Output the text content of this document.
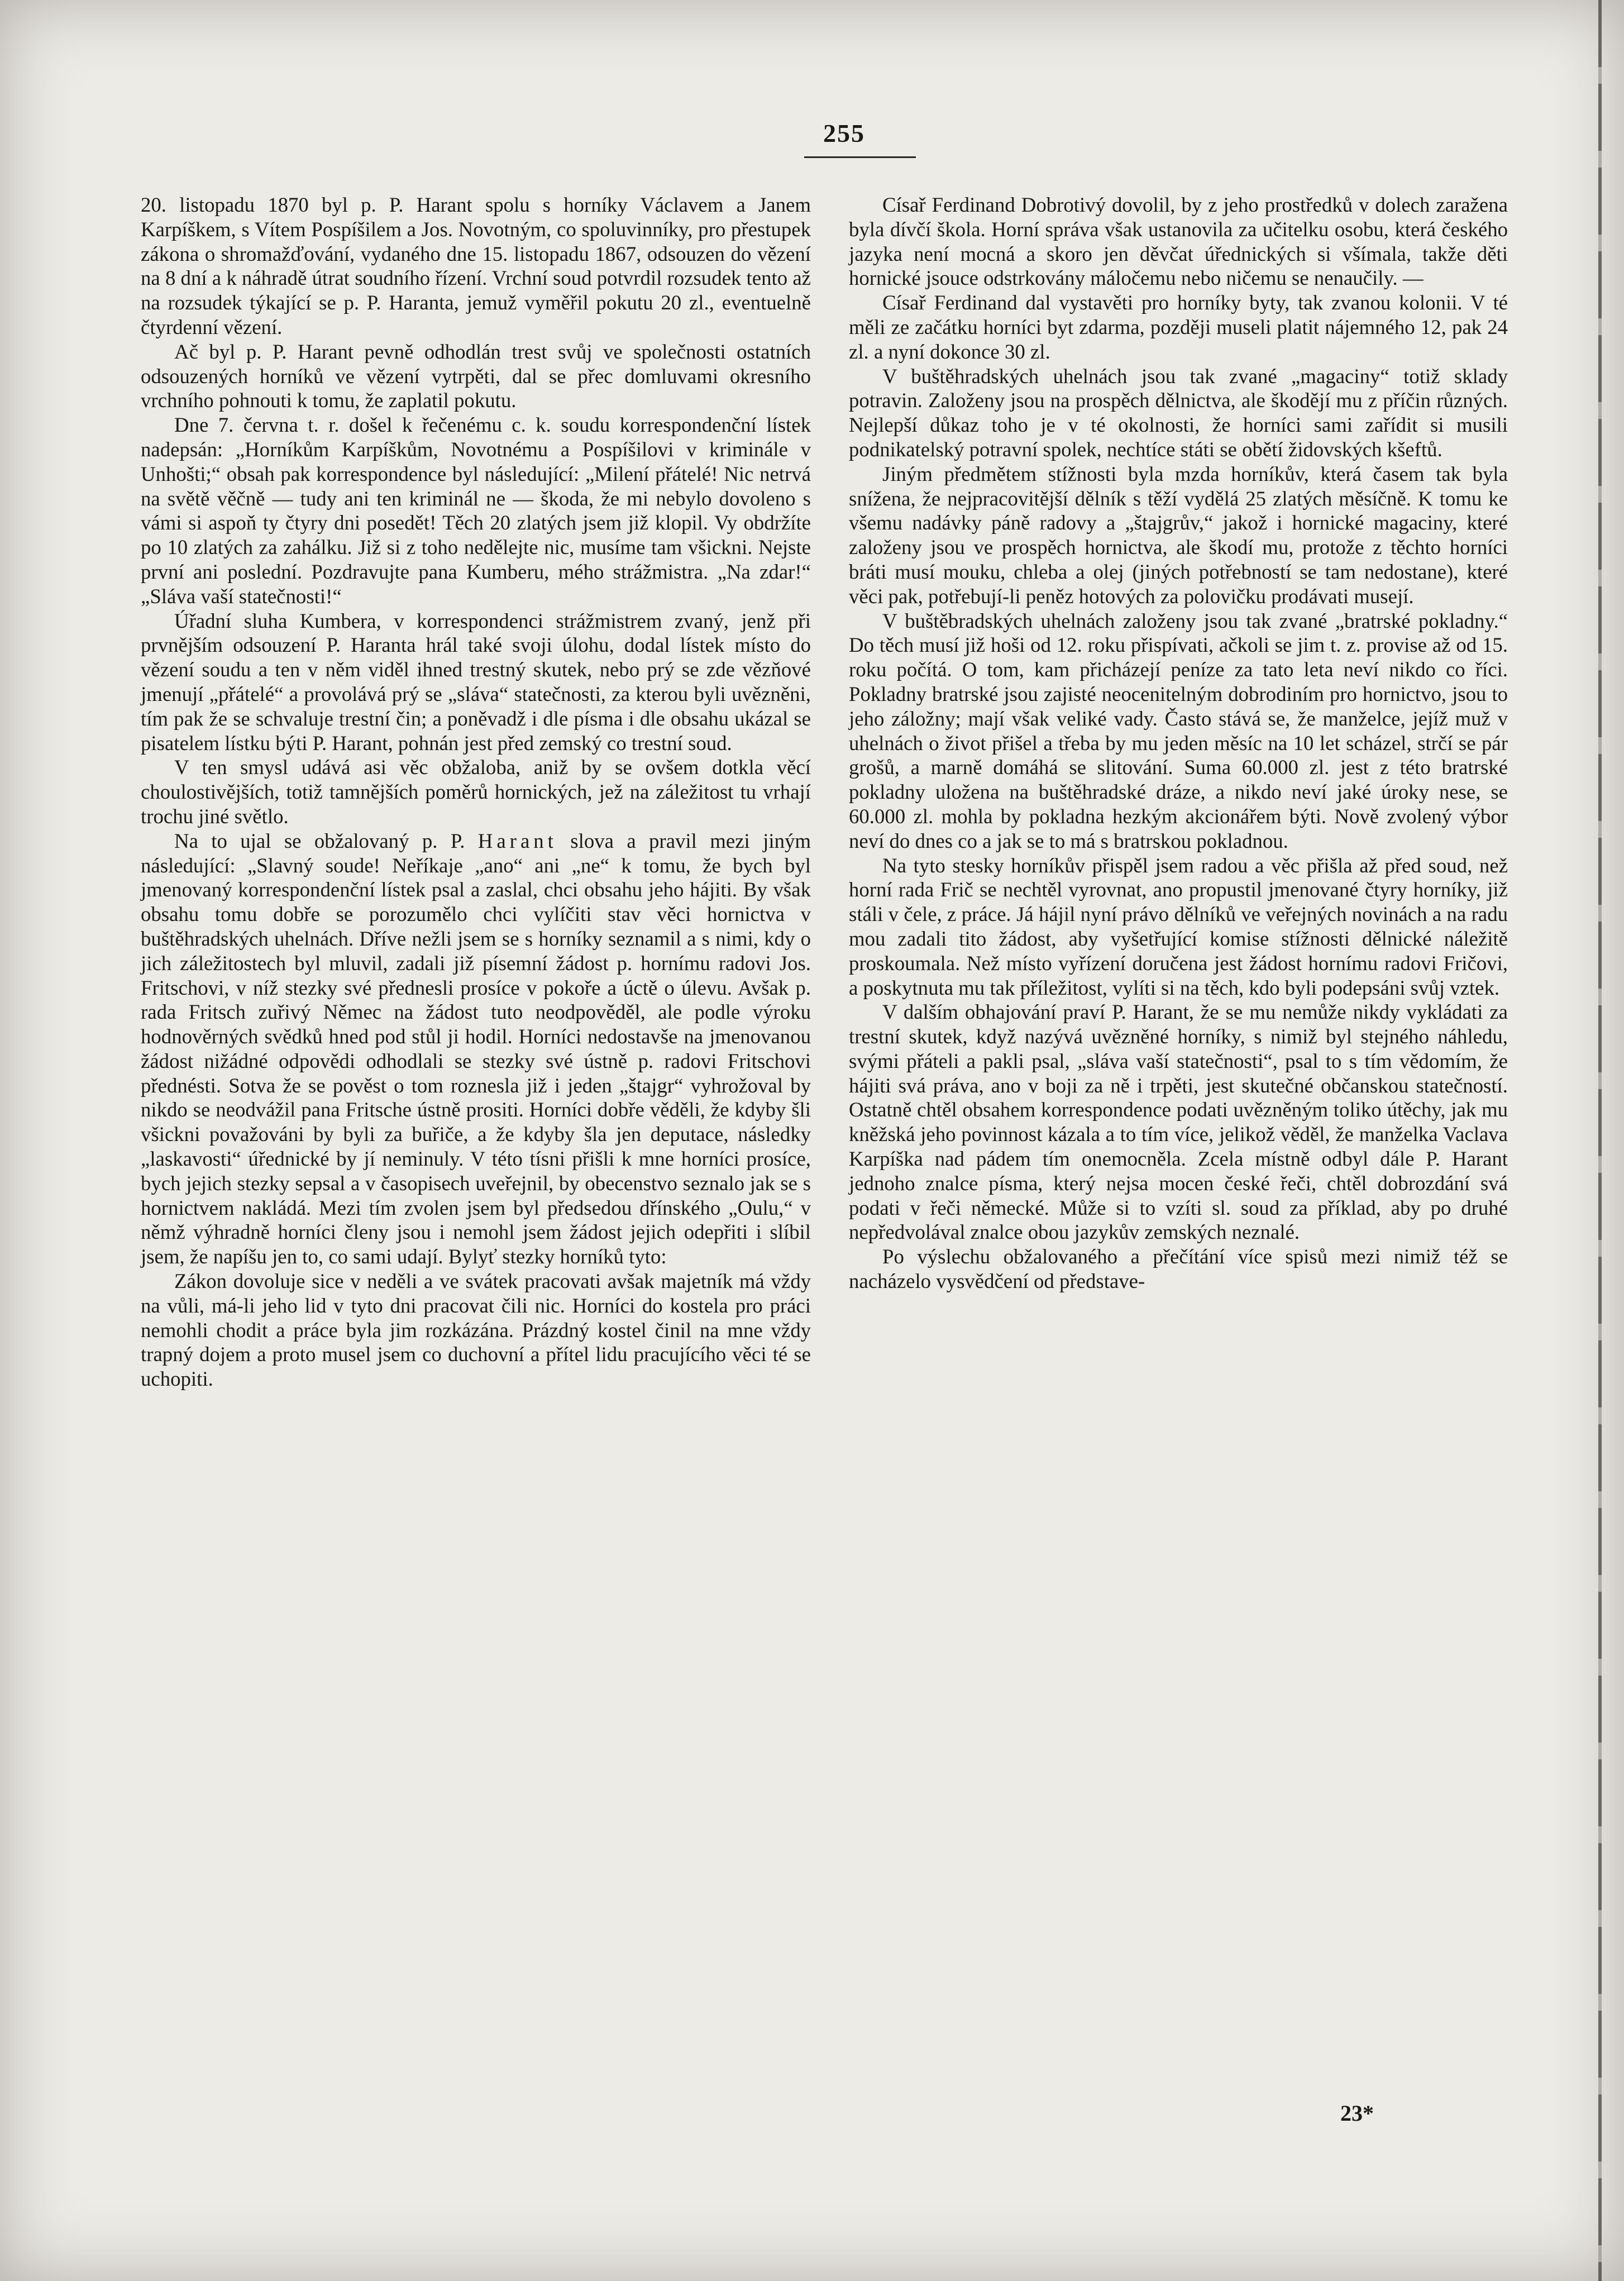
255

20. listopadu 1870 byl p. P. Harant spolu s horníky Václavem a Janem Karpíškem, s Vítem Pospíšilem a Jos. Novotným, co spoluvinníky, pro přestupek zákona o shromažďování, vydaného dne 15. listopadu 1867, odsouzen do vězení na 8 dní a k náhradě útrat soudního řízení. Vrchní soud potvrdil rozsudek tento až na rozsudek týkající se p. P. Haranta, jemuž vyměřil pokutu 20 zl., eventuelně čtyrdenní vězení.

Ač byl p. P. Harant pevně odhodlán trest svůj ve společnosti ostatních odsouzených horníků ve vězení vytrpěti, dal se přec domluvami okresního vrchního pohnouti k tomu, že zaplatil pokutu.

Dne 7. června t. r. došel k řečenému c. k. soudu korrespondenční lístek nadepsán: „Horníkům Karpíškům, Novotnému a Pospíšilovi v kriminále v Unhošti;“ obsah pak korrespondence byl následující: „Milení přátelé! Nic netrvá na světě věčně — tudy ani ten kriminál ne — škoda, že mi nebylo dovoleno s vámi si aspoň ty čtyry dni posedět! Těch 20 zlatých jsem již klopil. Vy obdržíte po 10 zlatých za zahálku. Již si z toho nedělejte nic, musíme tam všickni. Nejste první ani poslední. Pozdravujte pana Kumberu, mého strážmistra. „Na zdar!“ „Sláva vaší statečnosti!“

Úřadní sluha Kumbera, v korrespondenci strážmistrem zvaný, jenž při prvnějším odsouzení P. Haranta hrál také svoji úlohu, dodal lístek místo do vězení soudu a ten v něm viděl ihned trestný skutek, nebo prý se zde vězňové jmenují „přátelé“ a provolává prý se „sláva“ statečnosti, za kterou byli uvězněni, tím pak že se schvaluje trestní čin; a poněvadž i dle písma i dle obsahu ukázal se pisatelem lístku býti P. Harant, pohnán jest před zemský co trestní soud.

V ten smysl udává asi věc obžaloba, aniž by se ovšem dotkla věcí choulostivějších, totiž tamnějších poměrů hornických, jež na záležitost tu vrhají trochu jiné světlo.

Na to ujal se obžalovaný p. P. Harant slova a pravil mezi jiným následující: „Slavný soude! Neříkaje „ano“ ani „ne“ k tomu, že bych byl jmenovaný korrespondenční lístek psal a zaslal, chci obsahu jeho hájiti. By však obsahu tomu dobře se porozumělo chci vylíčiti stav věci hornictva v buštěhradských uhelnách. Dříve nežli jsem se s horníky seznamil a s nimi, kdy o jich záležitostech byl mluvil, zadali již písemní žádost p. hornímu radovi Jos. Fritschovi, v níž stezky své přednesli prosíce v pokoře a úctě o úlevu. Avšak p. rada Fritsch zuřivý Němec na žádost tuto neodpověděl, ale podle výroku hodnověrných svědků hned pod stůl ji hodil. Horníci nedostavše na jmenovanou žádost nižádné odpovědi odhodlali se stezky své ústně p. radovi Fritschovi přednésti. Sotva že se pověst o tom roznesla již i jeden „štajgr“ vyhrožoval by nikdo se neodvážil pana Fritsche ústně prositi. Horníci dobře věděli, že kdyby šli všickni považováni by byli za buřiče, a že kdyby šla jen deputace, následky „laskavosti“ úřednické by jí neminuly. V této tísni přišli k mne horníci prosíce, bych jejich stezky sepsal a v časopisech uveřejnil, by obecenstvo seznalo jak se s hornictvem nakládá. Mezi tím zvolen jsem byl předsedou dřínského „Oulu,“ v němž výhradně horníci členy jsou i nemohl jsem žádost jejich odepřiti i slíbil jsem, že napíšu jen to, co sami udají. Bylyť stezky horníků tyto:

Zákon dovoluje sice v neděli a ve svátek pracovati avšak majetník má vždy na vůli, má-li jeho lid v tyto dni pracovat čili nic. Horníci do kostela pro práci nemohli chodit a práce byla jim rozkázána. Prázdný kostel činil na mne vždy trapný dojem a proto musel jsem co duchovní a přítel lidu pracujícího věci té se uchopiti.

Císař Ferdinand Dobrotivý dovolil, by z jeho prostředků v dolech zaražena byla dívčí škola. Horní správa však ustanovila za učitelku osobu, která českého jazyka není mocná a skoro jen děvčat úřednických si všímala, takže děti hornické jsouce odstrkovány máločemu nebo ničemu se nenaučily. —

Císař Ferdinand dal vystavěti pro horníky byty, tak zvanou kolonii. V té měli ze začátku horníci byt zdarma, později museli platit nájemného 12, pak 24 zl. a nyní dokonce 30 zl.

V buštěhradských uhelnách jsou tak zvané „magaciny“ totiž sklady potravin. Založeny jsou na prospěch dělnictva, ale škodějí mu z příčin různých. Nejlepší důkaz toho je v té okolnosti, že horníci sami zařídit si musili podnikatelský potravní spolek, nechtíce státi se obětí židovských kšeftů.

Jiným předmětem stížnosti byla mzda horníkův, která časem tak byla snížena, že nejpracovitější dělník s těží vydělá 25 zlatých měsíčně. K tomu ke všemu nadávky páně radovy a „štajgrův,“ jakož i hornické magaciny, které založeny jsou ve prospěch hornictva, ale škodí mu, protože z těchto horníci bráti musí mouku, chleba a olej (jiných potřebností se tam nedostane), které věci pak, potřebují-li peněz hotových za polovičku prodávati musejí.

V buštěbradských uhelnách založeny jsou tak zvané „bratrské pokladny.“ Do těch musí již hoši od 12. roku přispívati, ačkoli se jim t. z. provise až od 15. roku počítá. O tom, kam přicházejí peníze za tato leta neví nikdo co říci. Pokladny bratrské jsou zajisté neocenitelným dobrodiním pro hornictvo, jsou to jeho záložny; mají však veliké vady. Často stává se, že manželce, jejíž muž v uhelnách o život přišel a třeba by mu jeden měsíc na 10 let scházel, strčí se pár grošů, a marně domáhá se slitování. Suma 60.000 zl. jest z této bratrské pokladny uložena na buštěhradské dráze, a nikdo neví jaké úroky nese, se 60.000 zl. mohla by pokladna hezkým akcionářem býti. Nově zvolený výbor neví do dnes co a jak se to má s bratrskou pokladnou.

Na tyto stesky horníkův přispěl jsem radou a věc přišla až před soud, než horní rada Frič se nechtěl vyrovnat, ano propustil jmenované čtyry horníky, již stáli v čele, z práce. Já hájil nyní právo dělníků ve veřejných novinách a na radu mou zadali tito žádost, aby vyšetřující komise stížnosti dělnické náležitě proskoumala. Než místo vyřízení doručena jest žádost hornímu radovi Fričovi, a poskytnuta mu tak příležitost, vylíti si na těch, kdo byli podepsáni svůj vztek.

V dalším obhajování praví P. Harant, že se mu nemůže nikdy vykládati za trestní skutek, když nazývá uvězněné horníky, s nimiž byl stejného náhledu, svými přáteli a pakli psal, „sláva vaší statečnosti“, psal to s tím vědomím, že hájiti svá práva, ano v boji za ně i trpěti, jest skutečné občanskou statečností. Ostatně chtěl obsahem korrespondence podati uvězněným toliko útěchy, jak mu kněžská jeho povinnost kázala a to tím více, jelikož věděl, že manželka Vaclava Karpíška nad pádem tím onemocněla. Zcela místně odbyl dále P. Harant jednoho znalce písma, který nejsa mocen české řeči, chtěl dobrozdání svá podati v řeči německé. Může si to vzíti sl. soud za příklad, aby po druhé nepředvolával znalce obou jazykův zemských neznalé.

Po výslechu obžalovaného a přečítání více spisů mezi nimiž též se nacházelo vysvědčení od představe-

23*
